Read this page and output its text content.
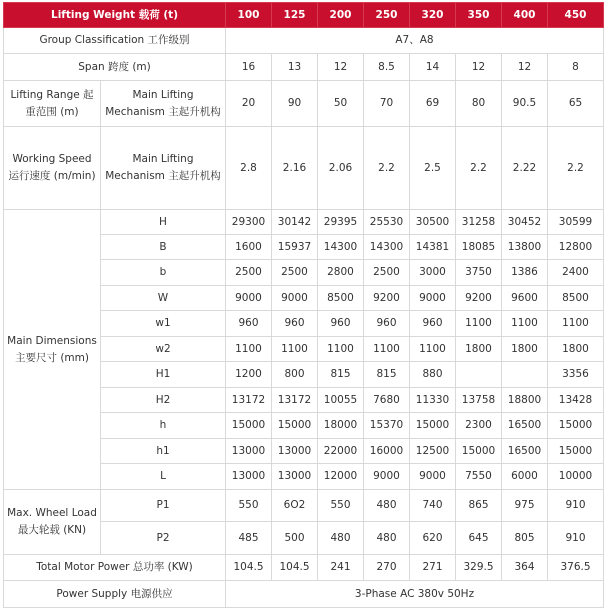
Lifting Weight 载荷 (t)		100	125	200	250	320	350	400	450
Group Classification 工作级别		A7、A8							
Span 跨度 (m)		16	13	12	8.5	14	12	12	8
Lifting Range 起重范围 (m)	Main Lifting Mechanism 主起升机构	20	90	50	70	69	80	90.5	65
Working Speed 运行速度 (m/min)	Main Lifting Mechanism 主起升机构	2.8	2.16	2.06	2.2	2.5	2.2	2.22	2.2
Main Dimensions 主要尺寸 (mm)	H	29300	30142	29395	25530	30500	31258	30452	30599
	B	1600	15937	14300	14300	14381	18085	13800	12800
	b	2500	2500	2800	2500	3000	3750	1386	2400
	W	9000	9000	8500	9200	9000	9200	9600	8500
	w1	960	960	960	960	960	1100	1100	1100
	w2	1100	1100	1100	1100	1100	1800	1800	1800
	H1	1200	800	815	815	880			3356
	H2	13172	13172	10055	7680	11330	13758	18800	13428
	h	15000	15000	18000	15370	15000	2300	16500	15000
	h1	13000	13000	22000	16000	12500	15000	16500	15000
	L	13000	13000	12000	9000	9000	7550	6000	10000
Max. Wheel Load 最大轮载 (KN)	P1	550	6O2	550	480	740	865	975	910
	P2	485	500	480	480	620	645	805	910
Total Motor Power 总功率 (KW)		104.5	104.5	241	270	271	329.5	364	376.5
Power Supply 电源供应		3-Phase AC 380v 50Hz							
